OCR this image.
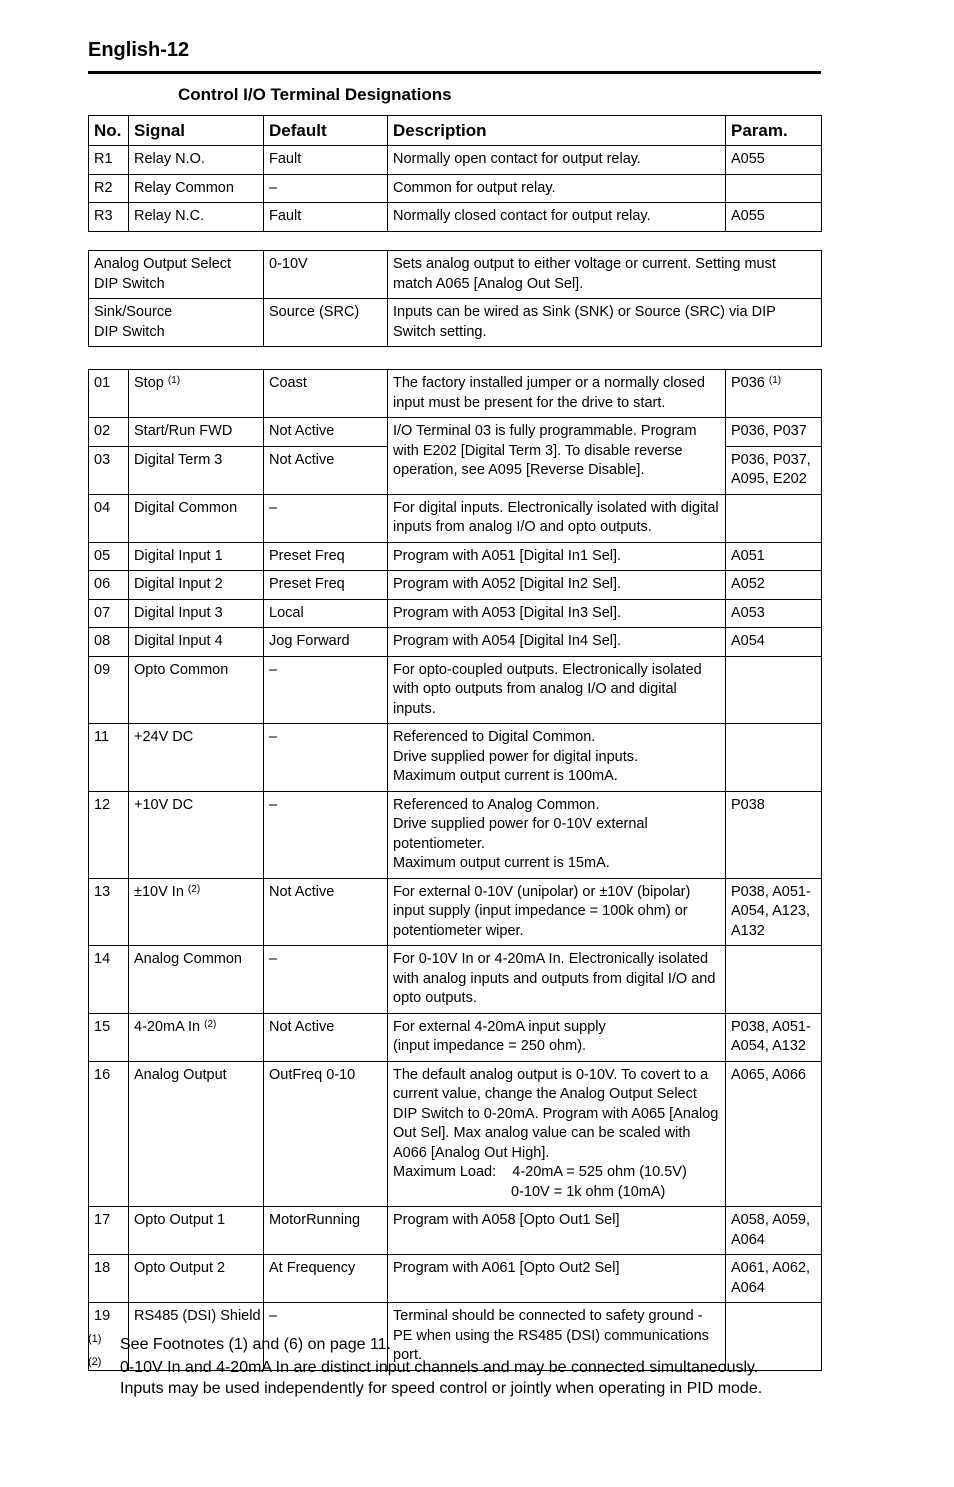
English-12
Control I/O Terminal Designations
No.	Signal	Default	Description	Param.
R1	Relay N.O.	Fault	Normally open contact for output relay.	A055
R2	Relay Common	–	Common for output relay.	
R3	Relay N.C.	Fault	Normally closed contact for output relay.	A055
Analog Output Select
DIP Switch	0-10V	Sets analog output to either voltage or current. Setting must match A065 [Analog Out Sel].
Sink/Source
DIP Switch	Source (SRC)	Inputs can be wired as Sink (SNK) or Source (SRC) via DIP Switch setting.
01	Stop $^{(1)}$	Coast	The factory installed jumper or a normally closed input must be present for the drive to start.	P036 $^{(1)}$
02	Start/Run FWD	Not Active	I/O Terminal 03 is fully programmable. Program with E202 [Digital Term 3]. To disable reverse operation, see A095 [Reverse Disable].	P036, P037
03	Digital Term 3	Not Active		P036, P037, A095, E202
04	Digital Common	–	For digital inputs. Electronically isolated with digital inputs from analog I/O and opto outputs.	
05	Digital Input 1	Preset Freq	Program with A051 [Digital In1 Sel].	A051
06	Digital Input 2	Preset Freq	Program with A052 [Digital In2 Sel].	A052
07	Digital Input 3	Local	Program with A053 [Digital In3 Sel].	A053
08	Digital Input 4	Jog Forward	Program with A054 [Digital In4 Sel].	A054
09	Opto Common	–	For opto-coupled outputs. Electronically isolated with opto outputs from analog I/O and digital inputs.	
11	+24V DC	–	Referenced to Digital Common.
Drive supplied power for digital inputs.
Maximum output current is 100mA.	
12	+10V DC	–	Referenced to Analog Common.
Drive supplied power for 0-10V external potentiometer.
Maximum output current is 15mA.	P038
13	±10V In $^{(2)}$	Not Active	For external 0-10V (unipolar) or ±10V (bipolar) input supply (input impedance = 100k ohm) or potentiometer wiper.	P038, A051-A054, A123, A132
14	Analog Common	–	For 0-10V In or 4-20mA In. Electronically isolated with analog inputs and outputs from digital I/O and opto outputs.	
15	4-20mA In $^{(2)}$	Not Active	For external 4-20mA input supply
(input impedance = 250 ohm).	P038, A051-A054, A132
16	Analog Output	OutFreq 0-10	The default analog output is 0-10V. To covert to a current value, change the Analog Output Select DIP Switch to 0-20mA. Program with A065 [Analog Out Sel]. Max analog value can be scaled with A066 [Analog Out High].
Maximum Load:    4-20mA = 525 ohm (10.5V)
0-10V = 1k ohm (10mA)	A065, A066
17	Opto Output 1	MotorRunning	Program with A058 [Opto Out1 Sel]	A058, A059, A064
18	Opto Output 2	At Frequency	Program with A061 [Opto Out2 Sel]	A061, A062, A064
19	RS485 (DSI) Shield	–	Terminal should be connected to safety ground - PE when using the RS485 (DSI) communications port.	
(1)	See Footnotes (1) and (6) on page 11.
(2)	0-10V In and 4-20mA In are distinct input channels and may be connected simultaneously.
Inputs may be used independently for speed control or jointly when operating in PID mode.
